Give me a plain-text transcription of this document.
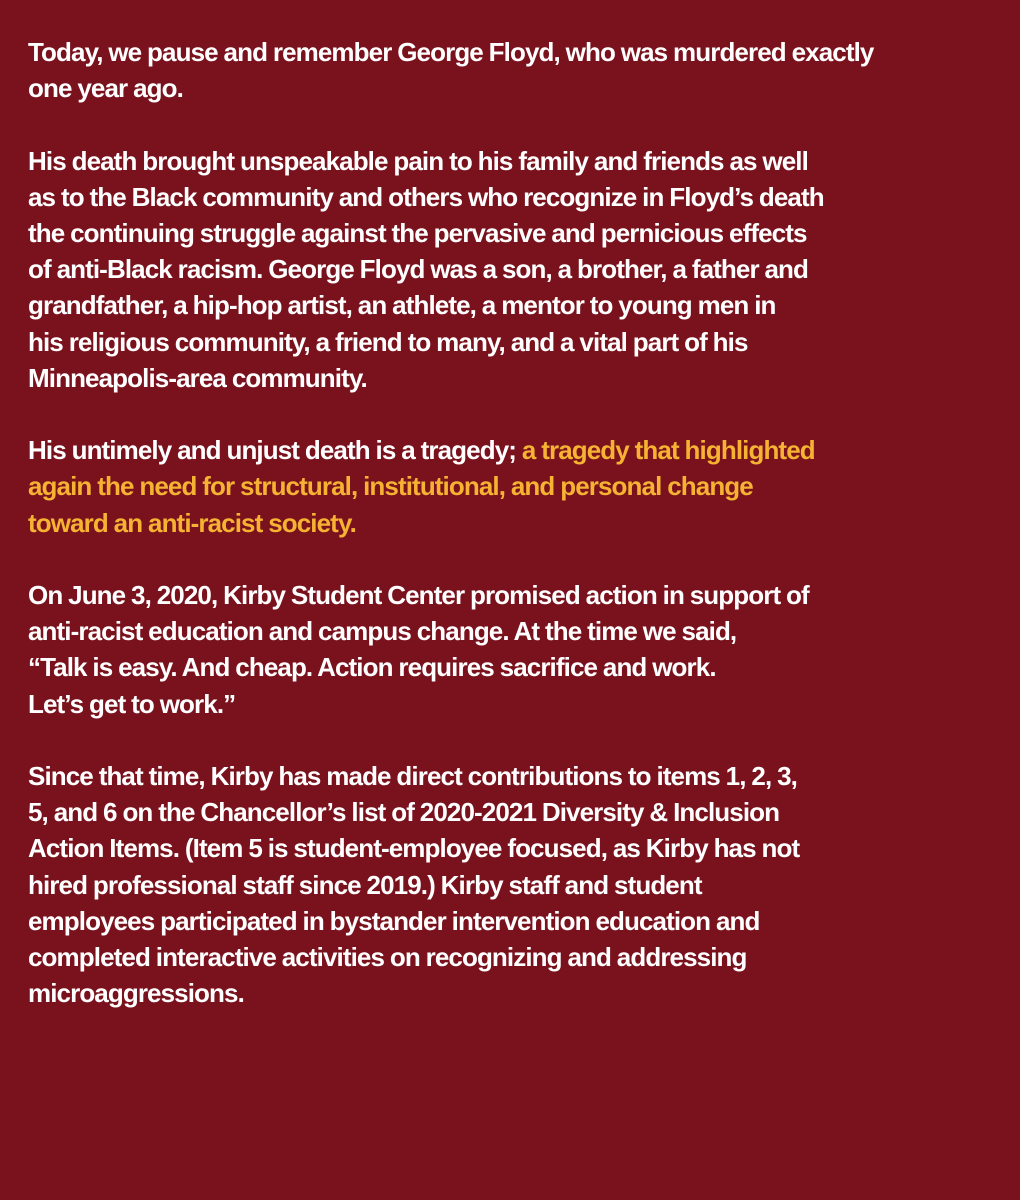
Today, we pause and remember George Floyd, who was murdered exactly
one year ago.

His death brought unspeakable pain to his family and friends as well
as to the Black community and others who recognize in Floyd’s death
the continuing struggle against the pervasive and pernicious effects
of anti-Black racism. George Floyd was a son, a brother, a father and
grandfather, a hip-hop artist, an athlete, a mentor to young men in
his religious community, a friend to many, and a vital part of his
Minneapolis-area community.

His untimely and unjust death is a tragedy; a tragedy that highlighted
again the need for structural, institutional, and personal change
toward an anti-racist society.

On June 3, 2020, Kirby Student Center promised action in support of
anti-racist education and campus change. At the time we said,
“Talk is easy. And cheap. Action requires sacrifice and work.
Let’s get to work.”

Since that time, Kirby has made direct contributions to items 1, 2, 3,
5, and 6 on the Chancellor’s list of 2020-2021 Diversity & Inclusion
Action Items. (Item 5 is student-employee focused, as Kirby has not
hired professional staff since 2019.) Kirby staff and student
employees participated in bystander intervention education and
completed interactive activities on recognizing and addressing
microaggressions.
